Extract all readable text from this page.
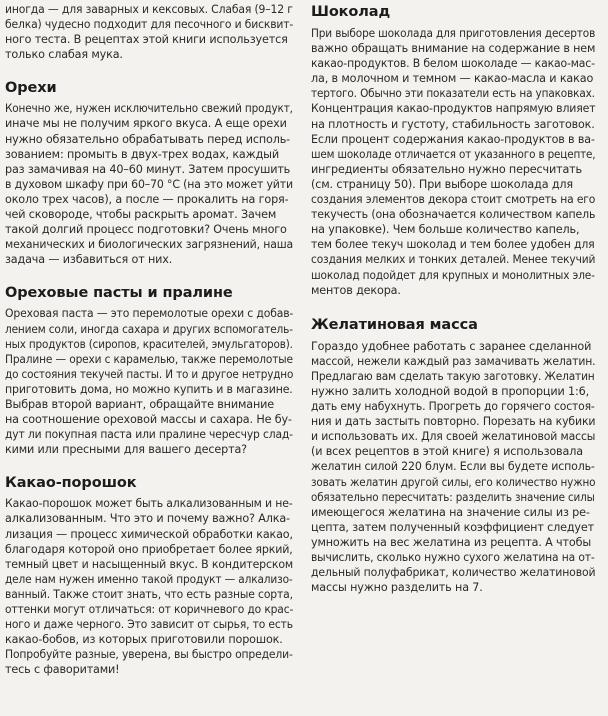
иногда — для заварных и кексовых. Слабая (9–12 г
белка) чудесно подходит для песочного и бисквит-
ного теста. В рецептах этой книги используется
только слабая мука.

Орехи

Конечно же, нужен исключительно свежий продукт,
иначе мы не получим яркого вкуса. А еще орехи
нужно обязательно обрабатывать перед исполь-
зованием: промыть в двух-трех водах, каждый
раз замачивая на 40–60 минут. Затем просушить
в духовом шкафу при 60–70 °C (на это может уйти
около трех часов), а после — прокалить на горя-
чей сковороде, чтобы раскрыть аромат. Зачем
такой долгий процесс подготовки? Очень много
механических и биологических загрязнений, наша
задача — избавиться от них.

Ореховые пасты и пралине

Ореховая паста — это перемолотые орехи с добав-
лением соли, иногда сахара и других вспомогатель-
ных продуктов (сиропов, красителей, эмульгаторов).
Пралине — орехи с карамелью, также перемолотые
до состояния текучей пасты. И то и другое нетрудно
приготовить дома, но можно купить и в магазине.
Выбрав второй вариант, обращайте внимание
на соотношение ореховой массы и сахара. Не бу-
дут ли покупная паста или пралине чересчур слад-
кими или пресными для вашего десерта?

Какао-порошок

Какао-порошок может быть алкализованным и не-
алкализованным. Что это и почему важно? Алка-
лизация — процесс химической обработки какао,
благодаря которой оно приобретает более яркий,
темный цвет и насыщенный вкус. В кондитерском
деле нам нужен именно такой продукт — алкализо-
ванный. Также стоит знать, что есть разные сорта,
оттенки могут отличаться: от коричневого до крас-
ного и даже черного. Это зависит от сырья, то есть
какао-бобов, из которых приготовили порошок.
Попробуйте разные, уверена, вы быстро определи-
тесь с фаворитами!

Шоколад

При выборе шоколада для приготовления десертов
важно обращать внимание на содержание в нем
какао-продуктов. В белом шоколаде — какао-мас-
ла, в молочном и темном — какао-масла и какао
тертого. Обычно эти показатели есть на упаковках.
Концентрация какао-продуктов напрямую влияет
на плотность и густоту, стабильность заготовок.
Если процент содержания какао-продуктов в ва-
шем шоколаде отличается от указанного в рецепте,
ингредиенты обязательно нужно пересчитать
(см. страницу 50). При выборе шоколада для
создания элементов декора стоит смотреть на его
текучесть (она обозначается количеством капель
на упаковке). Чем больше количество капель,
тем более текуч шоколад и тем более удобен для
создания мелких и тонких деталей. Менее текучий
шоколад подойдет для крупных и монолитных эле-
ментов декора.

Желатиновая масса

Гораздо удобнее работать с заранее сделанной
массой, нежели каждый раз замачивать желатин.
Предлагаю вам сделать такую заготовку. Желатин
нужно залить холодной водой в пропорции 1:6,
дать ему набухнуть. Прогреть до горячего состоя-
ния и дать застыть повторно. Порезать на кубики
и использовать их. Для своей желатиновой массы
(и всех рецептов в этой книге) я использовала
желатин силой 220 блум. Если вы будете исполь-
зовать желатин другой силы, его количество нужно
обязательно пересчитать: разделить значение силы
имеющегося желатина на значение силы из ре-
цепта, затем полученный коэффициент следует
умножить на вес желатина из рецепта. А чтобы
вычислить, сколько нужно сухого желатина на от-
дельный полуфабрикат, количество желатиновой
массы нужно разделить на 7.
